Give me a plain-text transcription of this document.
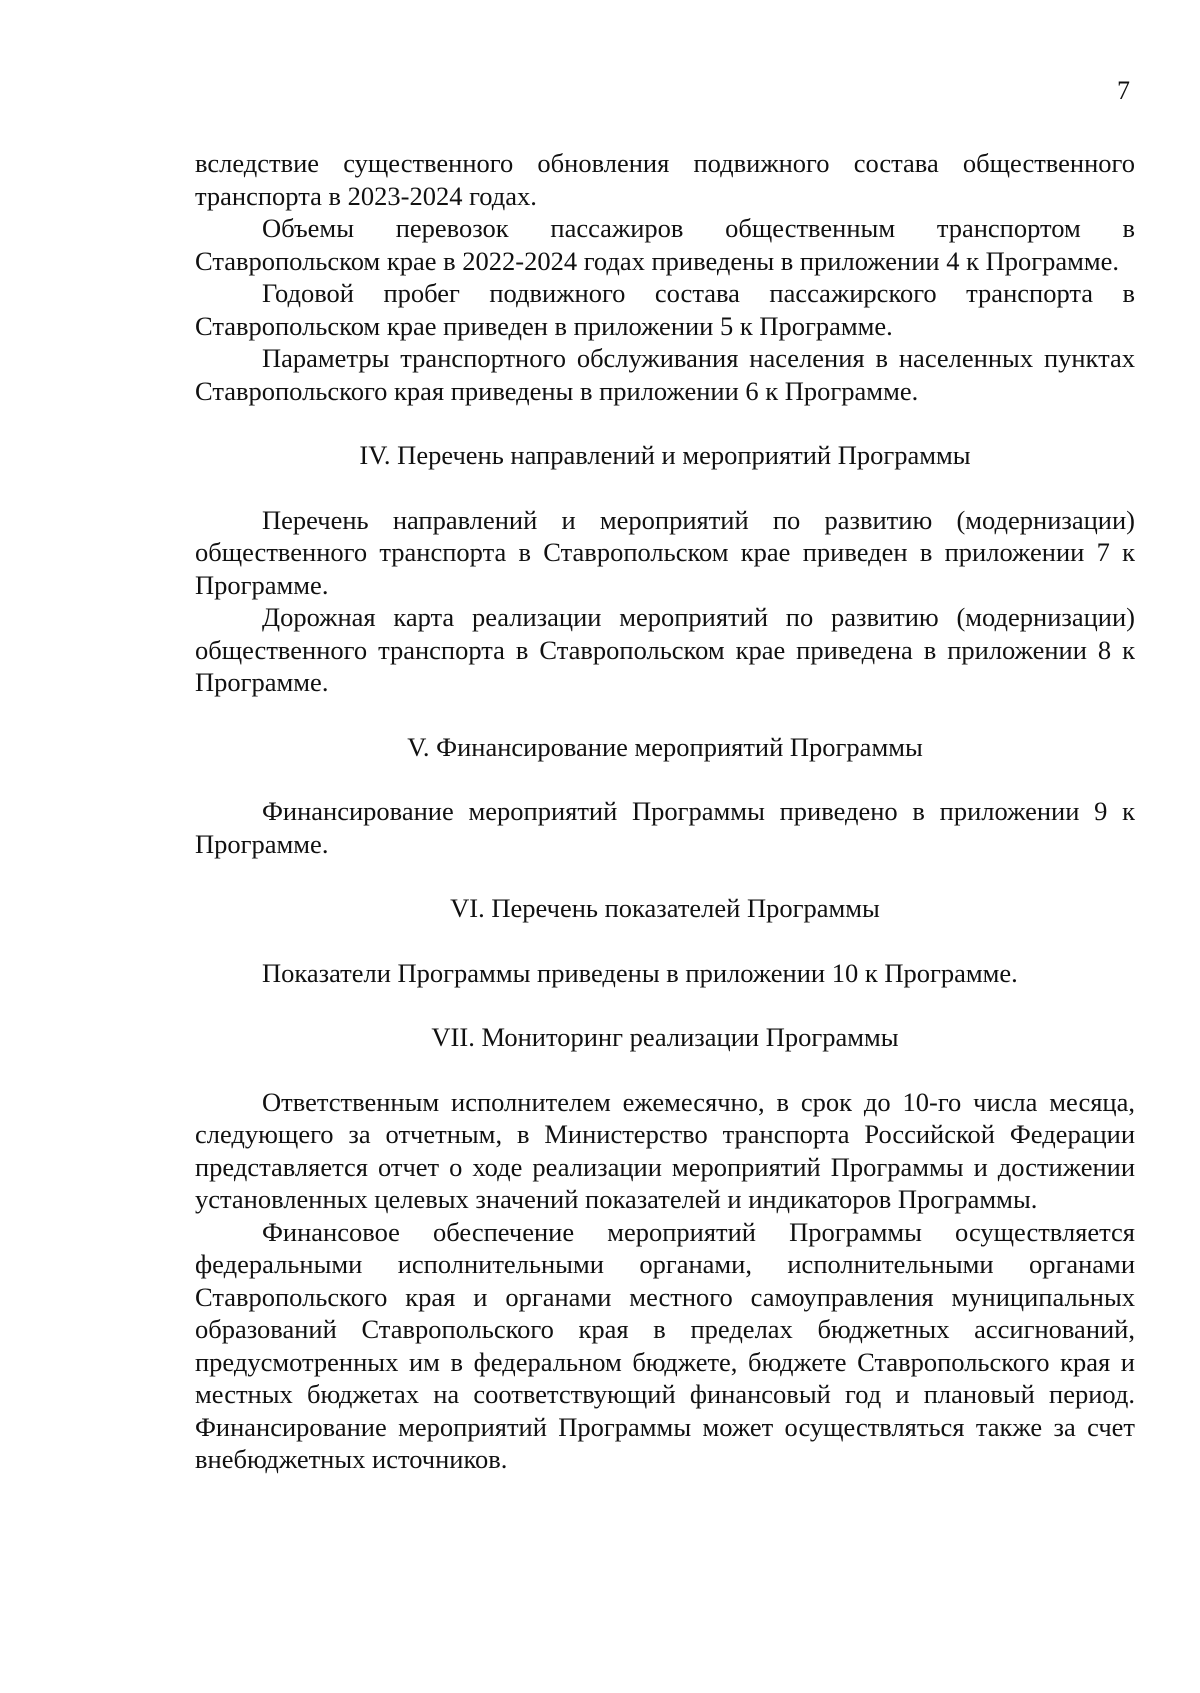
7

вследствие существенного обновления подвижного состава общественного транспорта в 2023-2024 годах.

Объемы перевозок пассажиров общественным транспортом в Ставропольском крае в 2022-2024 годах приведены в приложении 4 к Программе.

Годовой пробег подвижного состава пассажирского транспорта в Ставропольском крае приведен в приложении 5 к Программе.

Параметры транспортного обслуживания населения в населенных пунктах Ставропольского края приведены в приложении 6 к Программе.

IV. Перечень направлений и мероприятий Программы

Перечень направлений и мероприятий по развитию (модернизации) общественного транспорта в Ставропольском крае приведен в приложении 7 к Программе.

Дорожная карта реализации мероприятий по развитию (модернизации) общественного транспорта в Ставропольском крае приведена в приложении 8 к Программе.

V. Финансирование мероприятий Программы

Финансирование мероприятий Программы приведено в приложении 9 к Программе.

VI. Перечень показателей Программы

Показатели Программы приведены в приложении 10 к Программе.

VII. Мониторинг реализации Программы

Ответственным исполнителем ежемесячно, в срок до 10-го числа месяца, следующего за отчетным, в Министерство транспорта Российской Федерации представляется отчет о ходе реализации мероприятий Программы и достижении установленных целевых значений показателей и индикаторов Программы.

Финансовое обеспечение мероприятий Программы осуществляется федеральными исполнительными органами, исполнительными органами Ставропольского края и органами местного самоуправления муниципальных образований Ставропольского края в пределах бюджетных ассигнований, предусмотренных им в федеральном бюджете, бюджете Ставропольского края и местных бюджетах на соответствующий финансовый год и плановый период. Финансирование мероприятий Программы может осуществляться также за счет внебюджетных источников.
